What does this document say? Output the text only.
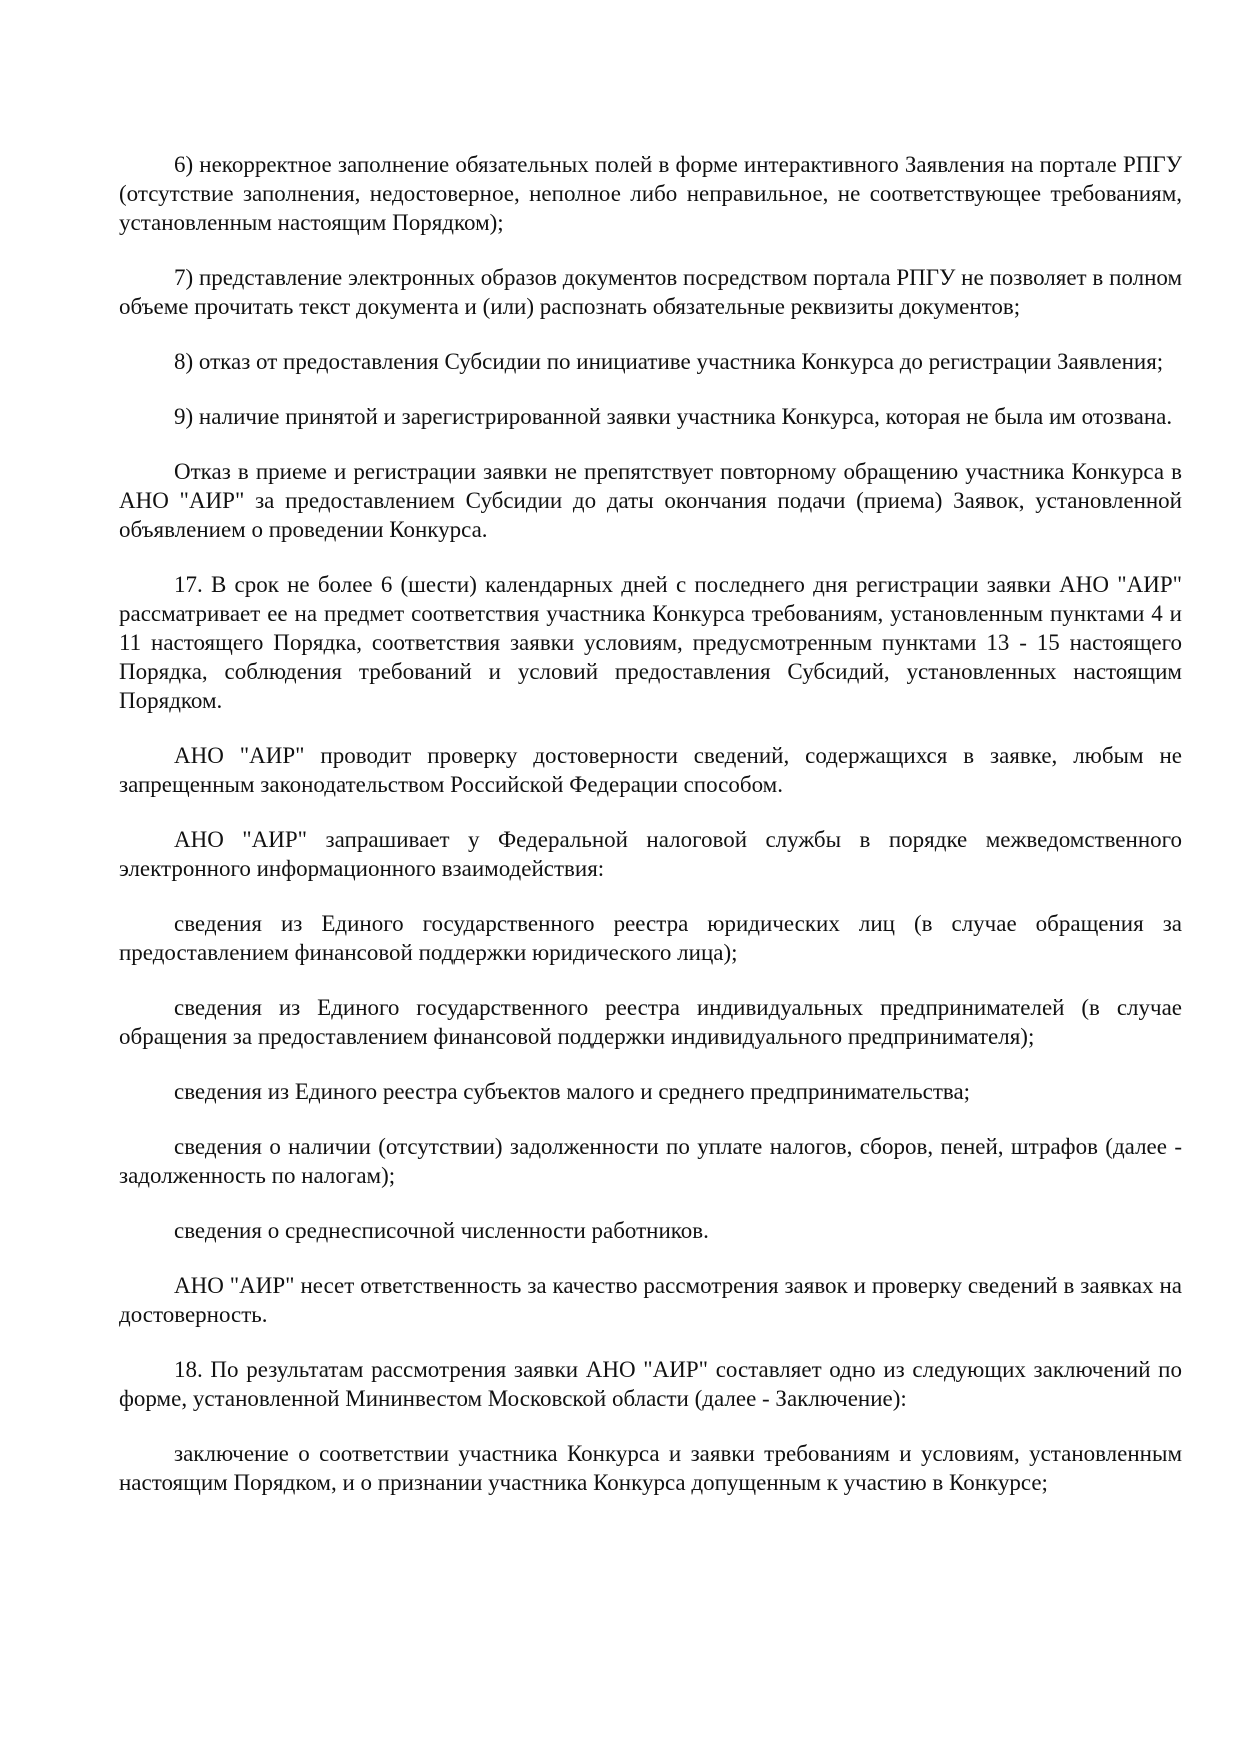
6) некорректное заполнение обязательных полей в форме интерактивного Заявления на портале РПГУ (отсутствие заполнения, недостоверное, неполное либо неправильное, не соответствующее требованиям, установленным настоящим Порядком);

7) представление электронных образов документов посредством портала РПГУ не позволяет в полном объеме прочитать текст документа и (или) распознать обязательные реквизиты документов;

8) отказ от предоставления Субсидии по инициативе участника Конкурса до регистрации Заявления;

9) наличие принятой и зарегистрированной заявки участника Конкурса, которая не была им отозвана.

Отказ в приеме и регистрации заявки не препятствует повторному обращению участника Конкурса в АНО "АИР" за предоставлением Субсидии до даты окончания подачи (приема) Заявок, установленной объявлением о проведении Конкурса.

17. В срок не более 6 (шести) календарных дней с последнего дня регистрации заявки АНО "АИР" рассматривает ее на предмет соответствия участника Конкурса требованиям, установленным пунктами 4 и 11 настоящего Порядка, соответствия заявки условиям, предусмотренным пунктами 13 - 15 настоящего Порядка, соблюдения требований и условий предоставления Субсидий, установленных настоящим Порядком.

АНО "АИР" проводит проверку достоверности сведений, содержащихся в заявке, любым не запрещенным законодательством Российской Федерации способом.

АНО "АИР" запрашивает у Федеральной налоговой службы в порядке межведомственного электронного информационного взаимодействия:

сведения из Единого государственного реестра юридических лиц (в случае обращения за предоставлением финансовой поддержки юридического лица);

сведения из Единого государственного реестра индивидуальных предпринимателей (в случае обращения за предоставлением финансовой поддержки индивидуального предпринимателя);

сведения из Единого реестра субъектов малого и среднего предпринимательства;

сведения о наличии (отсутствии) задолженности по уплате налогов, сборов, пеней, штрафов (далее - задолженность по налогам);

сведения о среднесписочной численности работников.

АНО "АИР" несет ответственность за качество рассмотрения заявок и проверку сведений в заявках на достоверность.

18. По результатам рассмотрения заявки АНО "АИР" составляет одно из следующих заключений по форме, установленной Мининвестом Московской области (далее - Заключение):

заключение о соответствии участника Конкурса и заявки требованиям и условиям, установленным настоящим Порядком, и о признании участника Конкурса допущенным к участию в Конкурсе;
